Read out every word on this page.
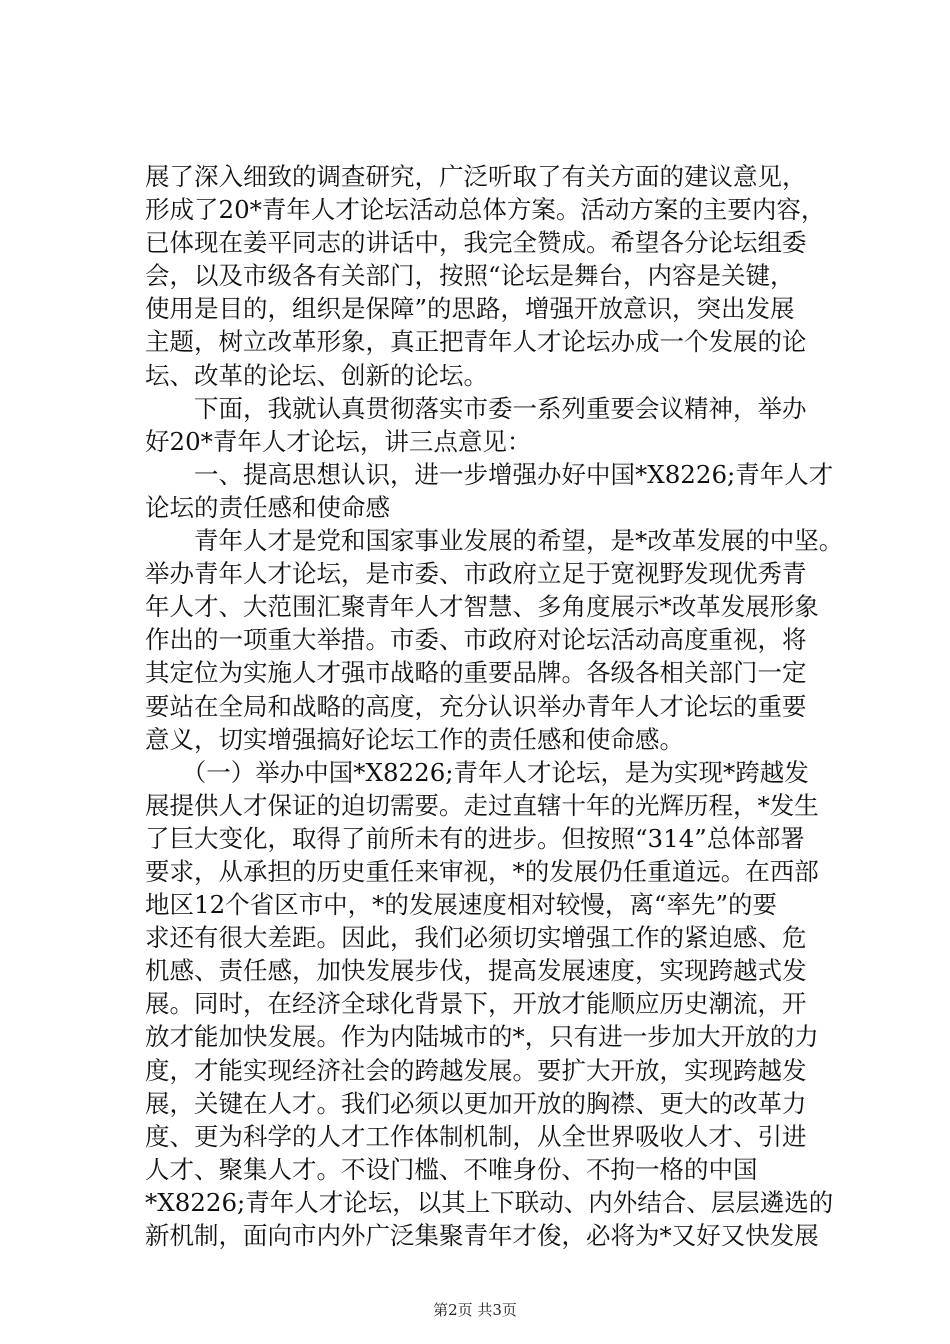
展了深入细致的调查研究，广泛听取了有关方面的建议意见，
形成了20*青年人才论坛活动总体方案。活动方案的主要内容，
已体现在姜平同志的讲话中，我完全赞成。希望各分论坛组委
会，以及市级各有关部门，按照“论坛是舞台，内容是关键，
使用是目的，组织是保障”的思路，增强开放意识，突出发展
主题，树立改革形象，真正把青年人才论坛办成一个发展的论
坛、改革的论坛、创新的论坛。
　　下面，我就认真贯彻落实市委一系列重要会议精神，举办
好20*青年人才论坛，讲三点意见：
　　一、提高思想认识，进一步增强办好中国*X8226;青年人才
论坛的责任感和使命感
　　青年人才是党和国家事业发展的希望，是*改革发展的中坚。
举办青年人才论坛，是市委、市政府立足于宽视野发现优秀青
年人才、大范围汇聚青年人才智慧、多角度展示*改革发展形象
作出的一项重大举措。市委、市政府对论坛活动高度重视，将
其定位为实施人才强市战略的重要品牌。各级各相关部门一定
要站在全局和战略的高度，充分认识举办青年人才论坛的重要
意义，切实增强搞好论坛工作的责任感和使命感。
　　（一）举办中国*X8226;青年人才论坛，是为实现*跨越发
展提供人才保证的迫切需要。走过直辖十年的光辉历程，*发生
了巨大变化，取得了前所未有的进步。但按照“314”总体部署
要求，从承担的历史重任来审视，*的发展仍任重道远。在西部
地区12个省区市中，*的发展速度相对较慢，离“率先”的要
求还有很大差距。因此，我们必须切实增强工作的紧迫感、危
机感、责任感，加快发展步伐，提高发展速度，实现跨越式发
展。同时，在经济全球化背景下，开放才能顺应历史潮流，开
放才能加快发展。作为内陆城市的*，只有进一步加大开放的力
度，才能实现经济社会的跨越发展。要扩大开放，实现跨越发
展，关键在人才。我们必须以更加开放的胸襟、更大的改革力
度、更为科学的人才工作体制机制，从全世界吸收人才、引进
人才、聚集人才。不设门槛、不唯身份、不拘一格的中国
*X8226;青年人才论坛，以其上下联动、内外结合、层层遴选的
新机制，面向市内外广泛集聚青年才俊，必将为*又好又快发展
第2页 共3页
